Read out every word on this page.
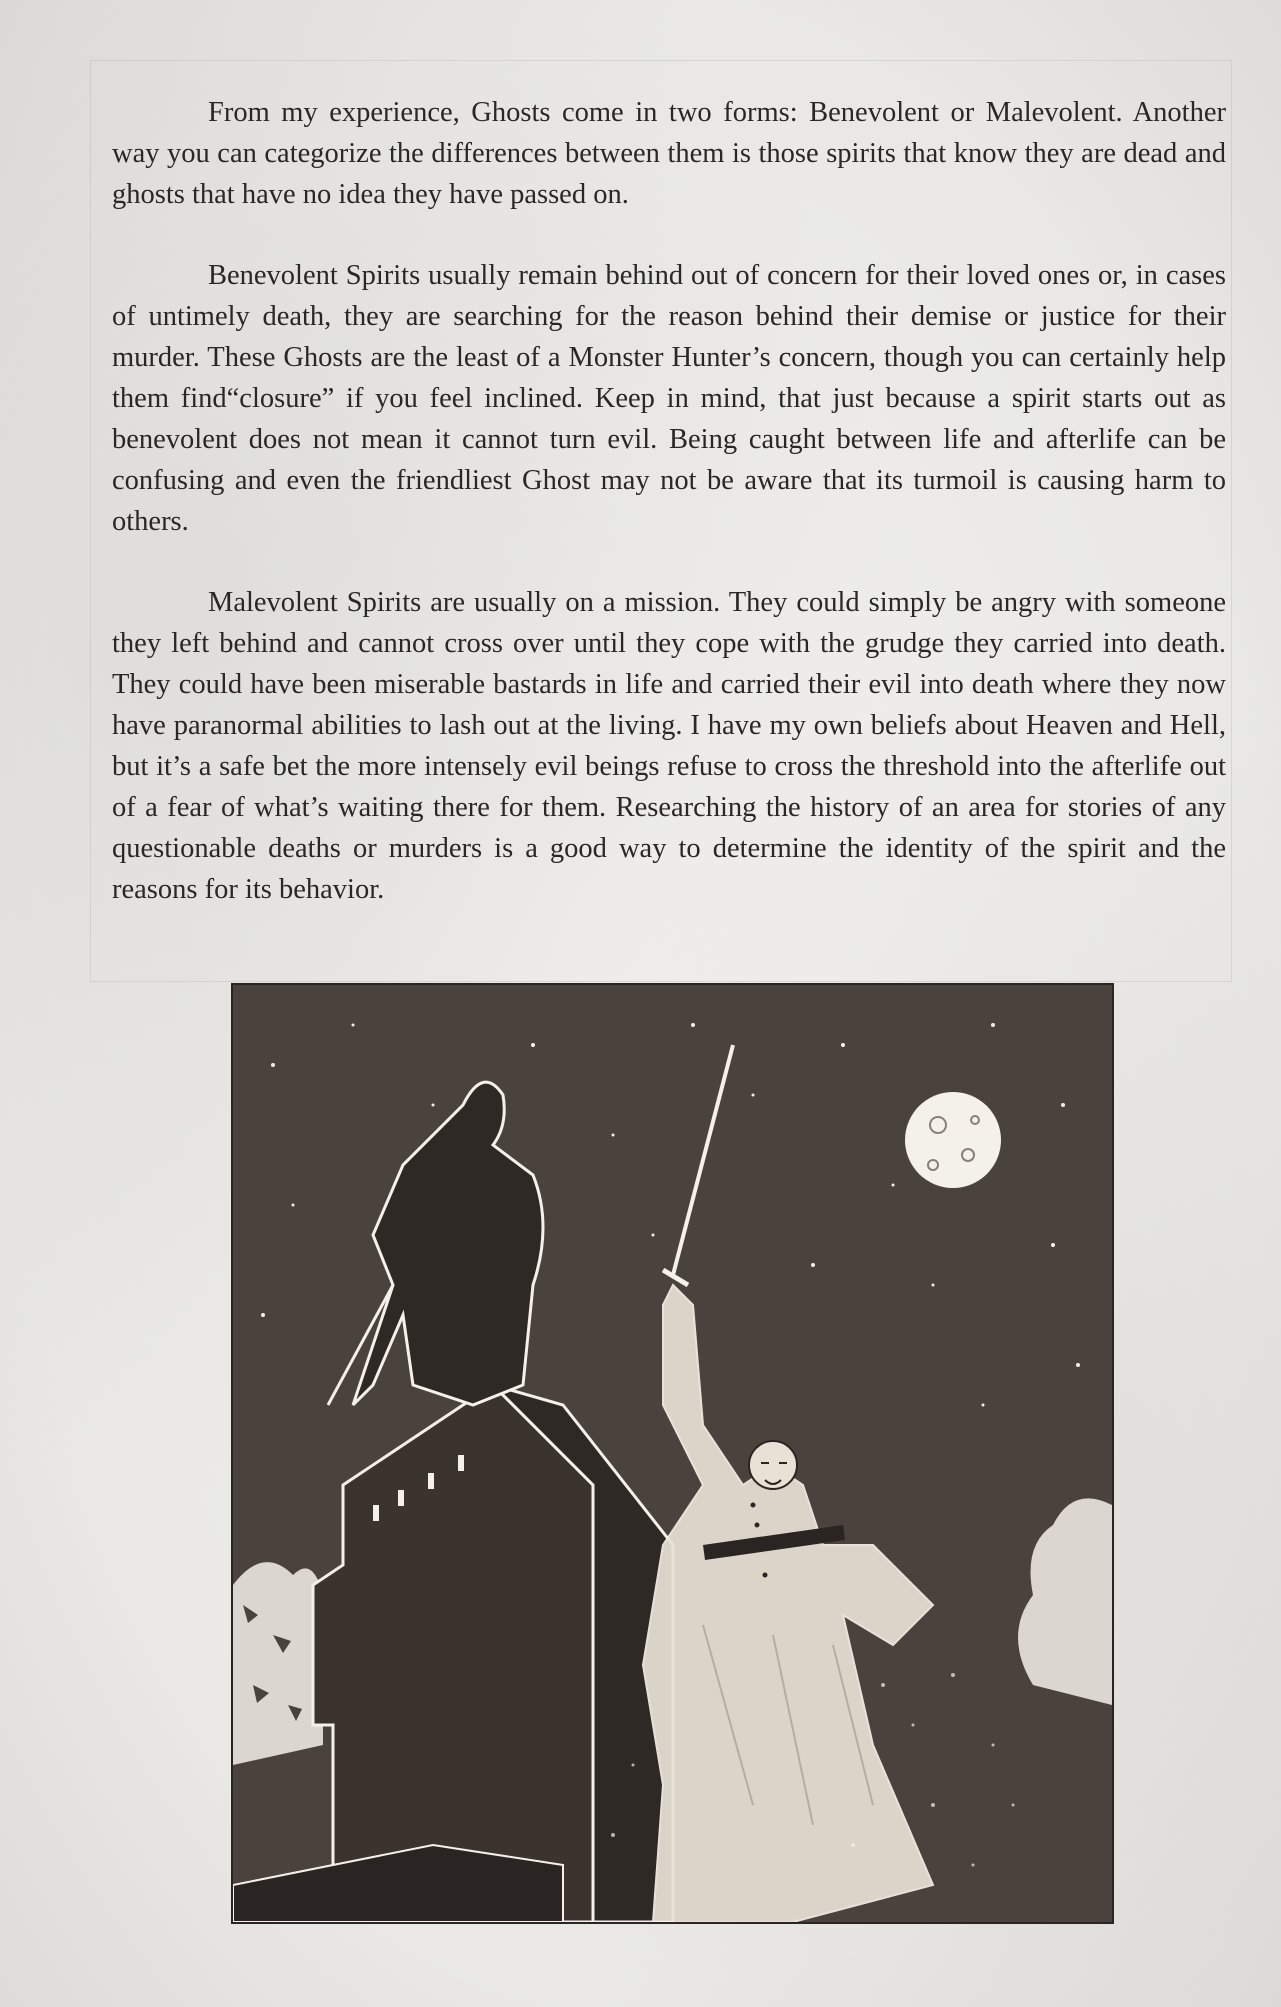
From my experience, Ghosts come in two forms: Benevolent or Malevolent. Another way you can categorize the differences between them is those spirits that know they are dead and ghosts that have no idea they have passed on.

Benevolent Spirits usually remain behind out of concern for their loved ones or, in cases of untimely death, they are searching for the reason behind their demise or justice for their murder. These Ghosts are the least of a Monster Hunter’s concern, though you can certainly help them find“closure” if you feel inclined. Keep in mind, that just because a spirit starts out as benevolent does not mean it cannot turn evil. Being caught between life and afterlife can be confusing and even the friendliest Ghost may not be aware that its turmoil is causing harm to others.

Malevolent Spirits are usually on a mission. They could simply be angry with someone they left behind and cannot cross over until they cope with the grudge they carried into death. They could have been miserable bastards in life and carried their evil into death where they now have paranormal abilities to lash out at the living. I have my own beliefs about Heaven and Hell, but it’s a safe bet the more intensely evil beings refuse to cross the threshold into the afterlife out of a fear of what’s waiting there for them. Researching the history of an area for stories of any questionable deaths or murders is a good way to determine the identity of the spirit and the reasons for its behavior.
